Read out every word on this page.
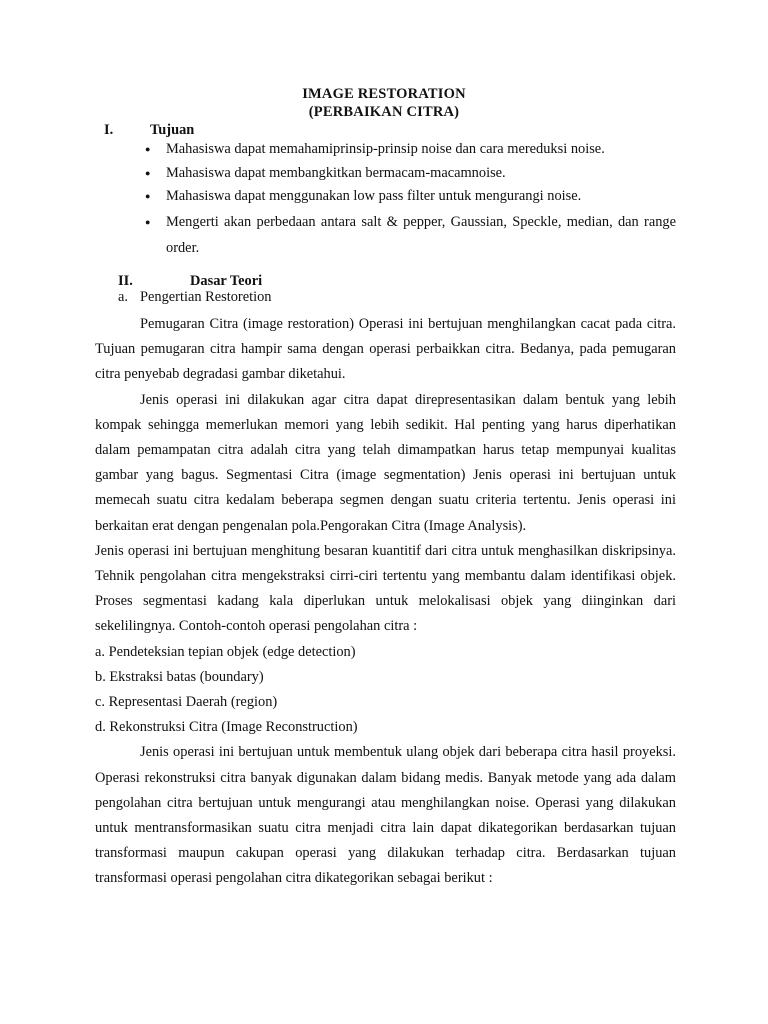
IMAGE RESTORATION
(PERBAIKAN CITRA)
I.	Tujuan
● Mahasiswa dapat memahamiprinsip-prinsip noise dan cara mereduksi noise.
● Mahasiswa dapat membangkitkan bermacam-macamnoise.
● Mahasiswa dapat menggunakan low pass filter untuk mengurangi noise.
● Mengerti akan perbedaan antara salt & pepper, Gaussian, Speckle, median, dan range order.
II.	Dasar Teori
a. Pengertian Restoretion

Pemugaran Citra (image restoration) Operasi ini bertujuan menghilangkan cacat pada citra. Tujuan pemugaran citra hampir sama dengan operasi perbaikkan citra. Bedanya, pada pemugaran citra penyebab degradasi gambar diketahui.

Jenis operasi ini dilakukan agar citra dapat direpresentasikan dalam bentuk yang lebih kompak sehingga memerlukan memori yang lebih sedikit. Hal penting yang harus diperhatikan dalam pemampatan citra adalah citra yang telah dimampatkan harus tetap mempunyai kualitas gambar yang bagus. Segmentasi Citra (image segmentation) Jenis operasi ini bertujuan untuk memecah suatu citra kedalam beberapa segmen dengan suatu criteria tertentu. Jenis operasi ini berkaitan erat dengan pengenalan pola.Pengorakan Citra (Image Analysis).

Jenis operasi ini bertujuan menghitung besaran kuantitif dari citra untuk menghasilkan diskripsinya. Tehnik pengolahan citra mengekstraksi cirri-ciri tertentu yang membantu dalam identifikasi objek. Proses segmentasi kadang kala diperlukan untuk melokalisasi objek yang diinginkan dari sekelilingnya. Contoh-contoh operasi pengolahan citra :

a. Pendeteksian tepian objek (edge detection)
b. Ekstraksi batas (boundary)
c. Representasi Daerah (region)
d. Rekonstruksi Citra (Image Reconstruction)

Jenis operasi ini bertujuan untuk membentuk ulang objek dari beberapa citra hasil proyeksi. Operasi rekonstruksi citra banyak digunakan dalam bidang medis. Banyak metode yang ada dalam pengolahan citra bertujuan untuk mengurangi atau menghilangkan noise. Operasi yang dilakukan untuk mentransformasikan suatu citra menjadi citra lain dapat dikategorikan berdasarkan tujuan transformasi maupun cakupan operasi yang dilakukan terhadap citra. Berdasarkan tujuan transformasi operasi pengolahan citra dikategorikan sebagai berikut :
